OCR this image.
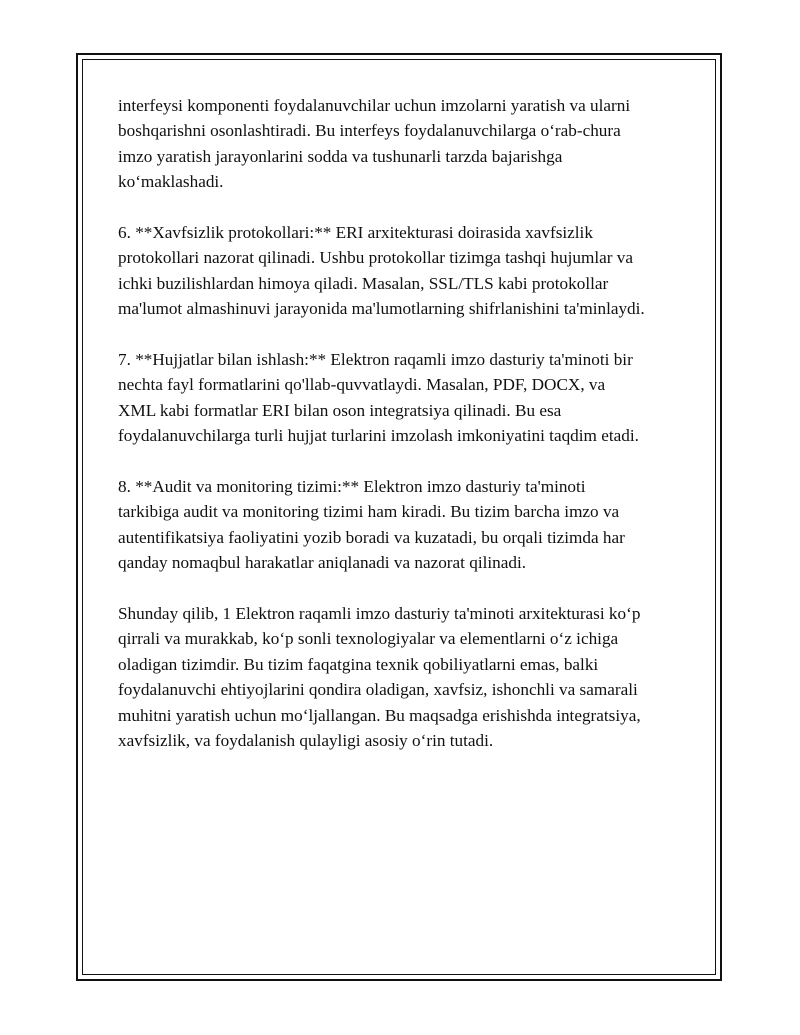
interfeysi komponenti foydalanuvchilar uchun imzolarni yaratish va ularni
boshqarishni osonlashtiradi. Bu interfeys foydalanuvchilarga o‘rab-chura
imzo yaratish jarayonlarini sodda va tushunarli tarzda bajarishga
ko‘maklashadi.

6. **Xavfsizlik protokollari:** ERI arxitekturasi doirasida xavfsizlik
protokollari nazorat qilinadi. Ushbu protokollar tizimga tashqi hujumlar va
ichki buzilishlardan himoya qiladi. Masalan, SSL/TLS kabi protokollar
ma'lumot almashinuvi jarayonida ma'lumotlarning shifrlanishini ta'minlaydi.

7. **Hujjatlar bilan ishlash:** Elektron raqamli imzo dasturiy ta'minoti bir
nechta fayl formatlarini qo'llab-quvvatlaydi. Masalan, PDF, DOCX, va
XML kabi formatlar ERI bilan oson integratsiya qilinadi. Bu esa
foydalanuvchilarga turli hujjat turlarini imzolash imkoniyatini taqdim etadi.

8. **Audit va monitoring tizimi:** Elektron imzo dasturiy ta'minoti
tarkibiga audit va monitoring tizimi ham kiradi. Bu tizim barcha imzo va
autentifikatsiya faoliyatini yozib boradi va kuzatadi, bu orqali tizimda har
qanday nomaqbul harakatlar aniqlanadi va nazorat qilinadi.

Shunday qilib, 1 Elektron raqamli imzo dasturiy ta'minoti arxitekturasi ko‘p
qirrali va murakkab, ko‘p sonli texnologiyalar va elementlarni o‘z ichiga
oladigan tizimdir. Bu tizim faqatgina texnik qobiliyatlarni emas, balki
foydalanuvchi ehtiyojlarini qondira oladigan, xavfsiz, ishonchli va samarali
muhitni yaratish uchun mo‘ljallangan. Bu maqsadga erishishda integratsiya,
xavfsizlik, va foydalanish qulayligi asosiy o‘rin tutadi.
